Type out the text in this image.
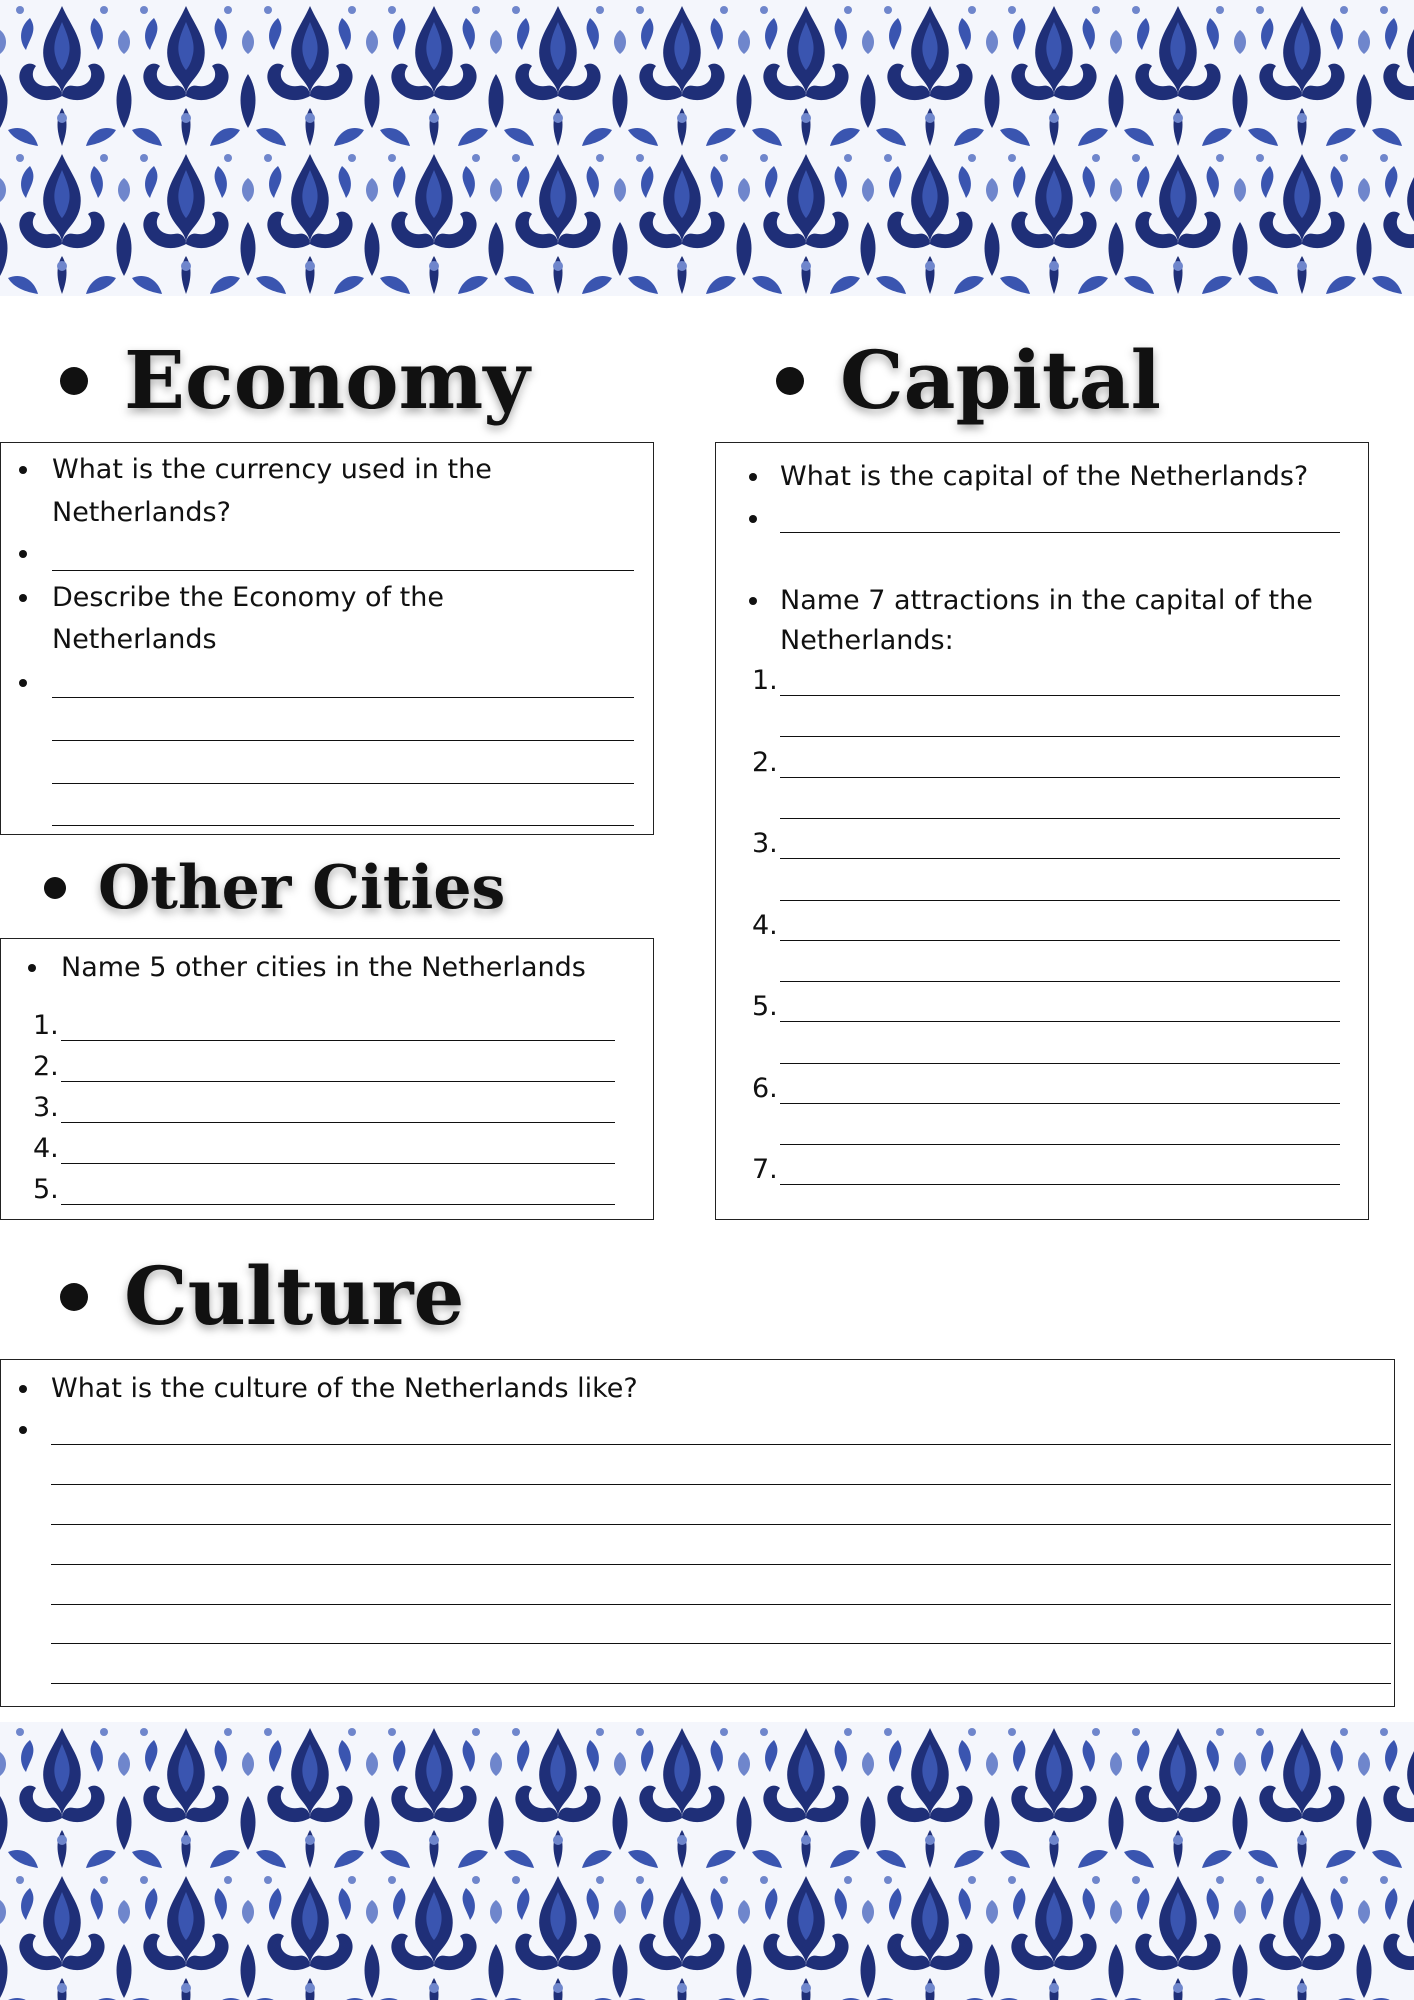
Economy	Capital

What is the currency used in the

Netherlands?

Describe the Economy of the

Netherlands

Other Cities

Name 5 other cities in the Netherlands

1.

2.

3.

4.

5.

What is the capital of the Netherlands?

Name 7 attractions in the capital of the

Netherlands:

1.

2.

3.

4.

5.

6.

7.

Culture

What is the culture of the Netherlands like?
